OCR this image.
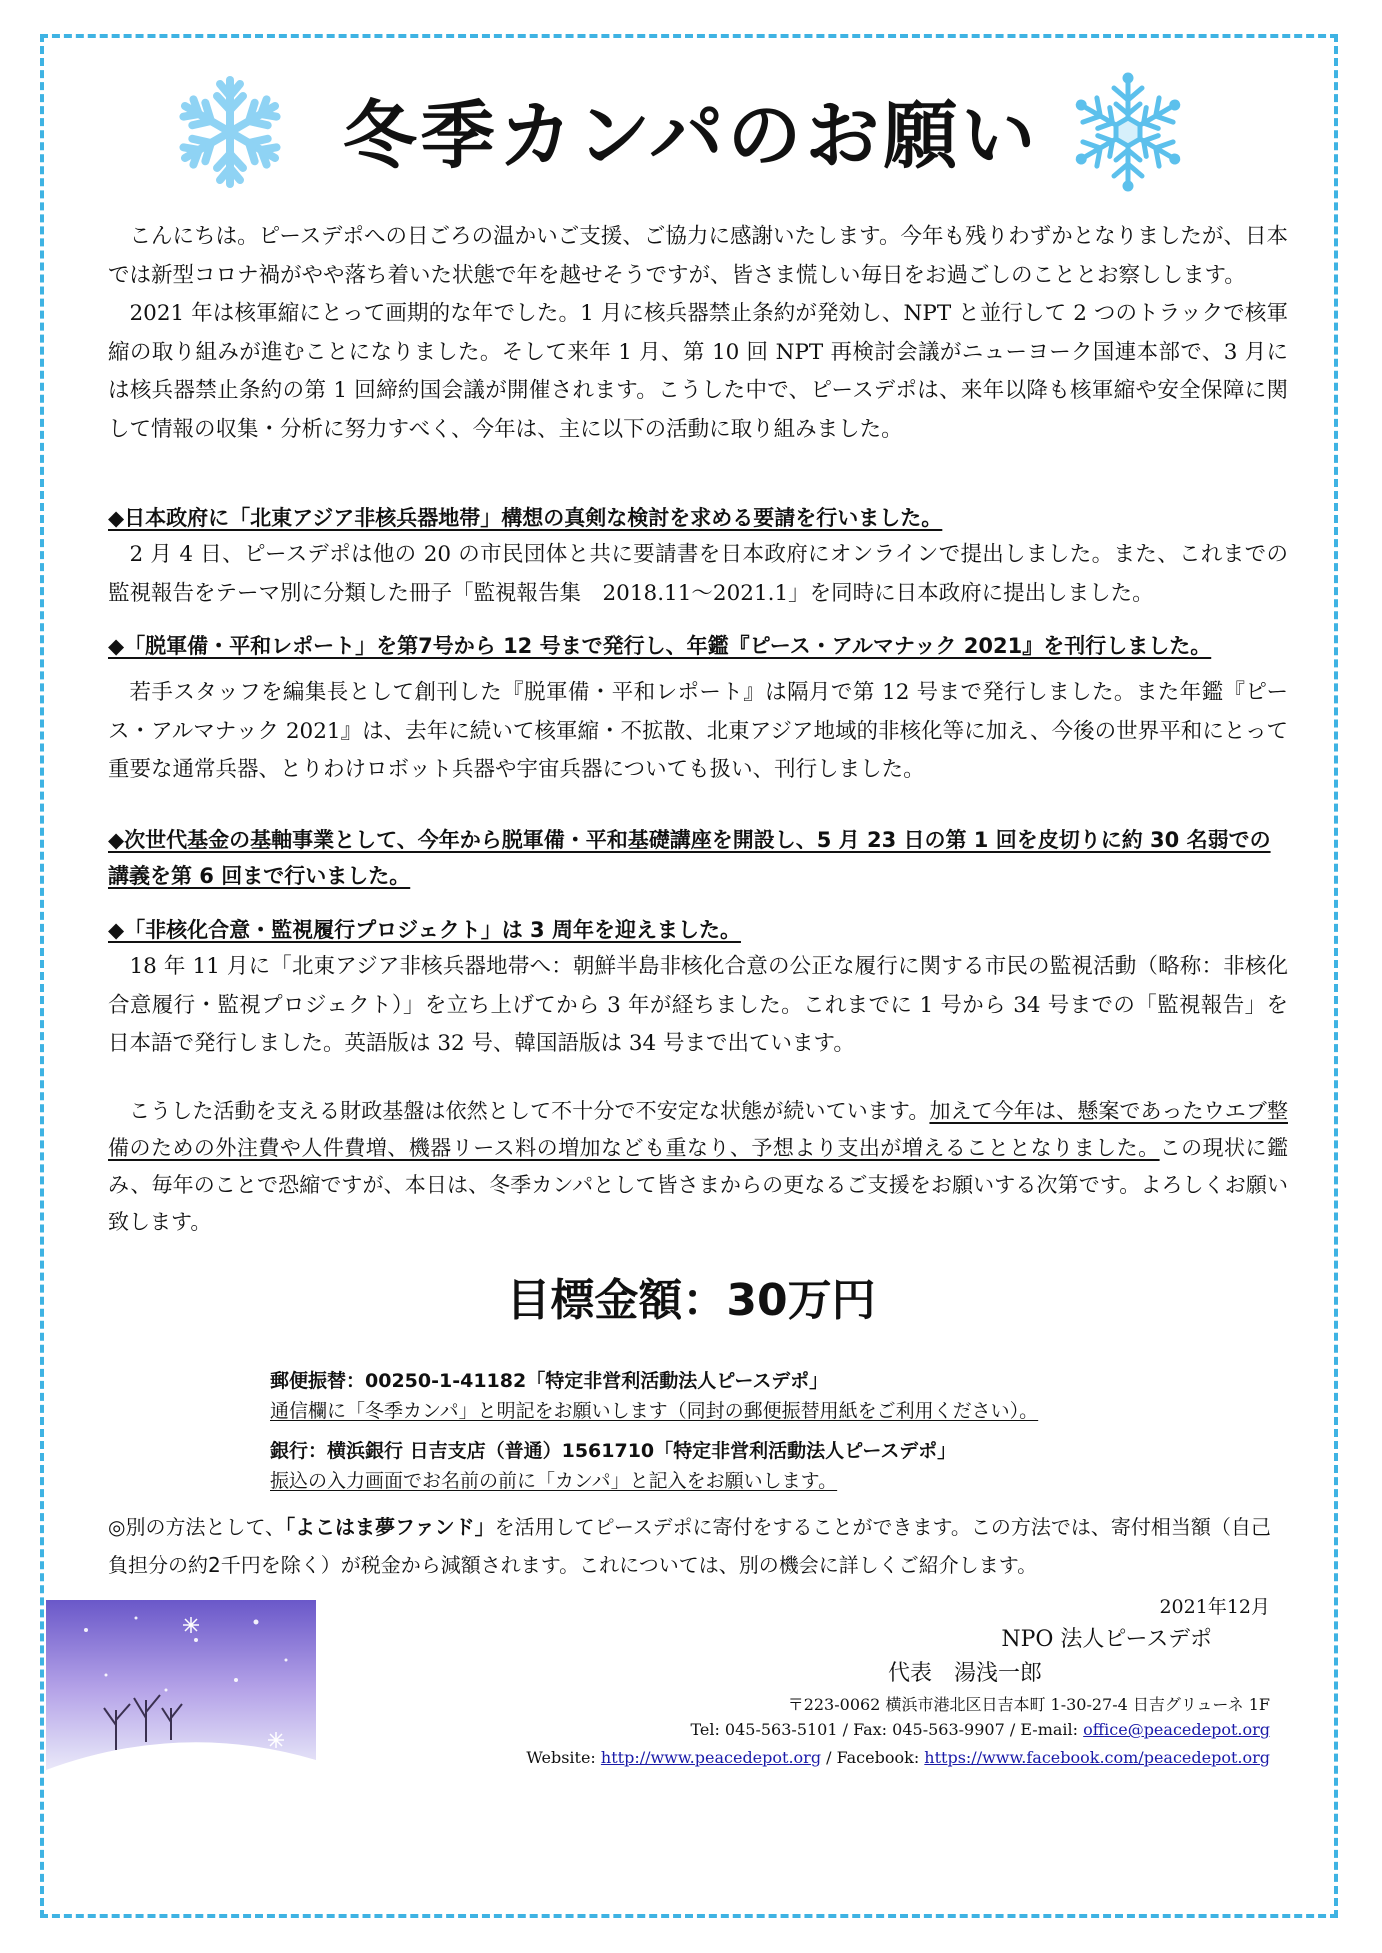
冬季カンパのお願い

こんにちは。ピースデポへの日ごろの温かいご支援、ご協力に感謝いたします。今年も残りわずかとなりましたが、日本では新型コロナ禍がやや落ち着いた状態で年を越せそうですが、皆さま慌しい毎日をお過ごしのこととお察しします。

2021 年は核軍縮にとって画期的な年でした。1 月に核兵器禁止条約が発効し、NPT と並行して 2 つのトラックで核軍縮の取り組みが進むことになりました。そして来年 1 月、第 10 回 NPT 再検討会議がニューヨーク国連本部で、3 月には核兵器禁止条約の第 1 回締約国会議が開催されます。こうした中で、ピースデポは、来年以降も核軍縮や安全保障に関して情報の収集・分析に努力すべく、今年は、主に以下の活動に取り組みました。

◆日本政府に「北東アジア非核兵器地帯」構想の真剣な検討を求める要請を行いました。

2 月 4 日、ピースデポは他の 20 の市民団体と共に要請書を日本政府にオンラインで提出しました。また、これまでの監視報告をテーマ別に分類した冊子「監視報告集　2018.11～2021.1」を同時に日本政府に提出しました。

◆「脱軍備・平和レポート」を第7号から 12 号まで発行し、年鑑『ピース・アルマナック 2021』を刊行しました。

若手スタッフを編集長として創刊した『脱軍備・平和レポート』は隔月で第 12 号まで発行しました。また年鑑『ピース・アルマナック 2021』は、去年に続いて核軍縮・不拡散、北東アジア地域的非核化等に加え、今後の世界平和にとって重要な通常兵器、とりわけロボット兵器や宇宙兵器についても扱い、刊行しました。

◆次世代基金の基軸事業として、今年から脱軍備・平和基礎講座を開設し、5 月 23 日の第 1 回を皮切りに約 30 名弱での講義を第 6 回まで行いました。

◆「非核化合意・監視履行プロジェクト」は 3 周年を迎えました。

18 年 11 月に「北東アジア非核兵器地帯へ：朝鮮半島非核化合意の公正な履行に関する市民の監視活動（略称：非核化合意履行・監視プロジェクト）」を立ち上げてから 3 年が経ちました。これまでに 1 号から 34 号までの「監視報告」を日本語で発行しました。英語版は 32 号、韓国語版は 34 号まで出ています。

こうした活動を支える財政基盤は依然として不十分で不安定な状態が続いています。加えて今年は、懸案であったウエブ整備のための外注費や人件費増、機器リース料の増加なども重なり、予想より支出が増えることとなりました。この現状に鑑み、毎年のことで恐縮ですが、本日は、冬季カンパとして皆さまからの更なるご支援をお願いする次第です。よろしくお願い致します。

目標金額：30万円
郵便振替：00250-1-41182「特定非営利活動法人ピースデポ」
通信欄に「冬季カンパ」と明記をお願いします（同封の郵便振替用紙をご利用ください）。
銀行：横浜銀行 日吉支店（普通）1561710「特定非営利活動法人ピースデポ」
振込の入力画面でお名前の前に「カンパ」と記入をお願いします。
◎別の方法として、「よこはま夢ファンド」を活用してピースデポに寄付をすることができます。この方法では、寄付相当額（自己負担分の約2千円を除く）が税金から減額されます。これについては、別の機会に詳しくご紹介します。
2021年12月
NPO 法人ピースデポ
代表　湯浅一郎
〒223-0062 横浜市港北区日吉本町 1-30-27-4 日吉グリューネ 1F
Tel: 045-563-5101 / Fax: 045-563-9907 / E-mail: office@peacedepot.org
Website: http://www.peacedepot.org / Facebook: https://www.facebook.com/peacedepot.org
